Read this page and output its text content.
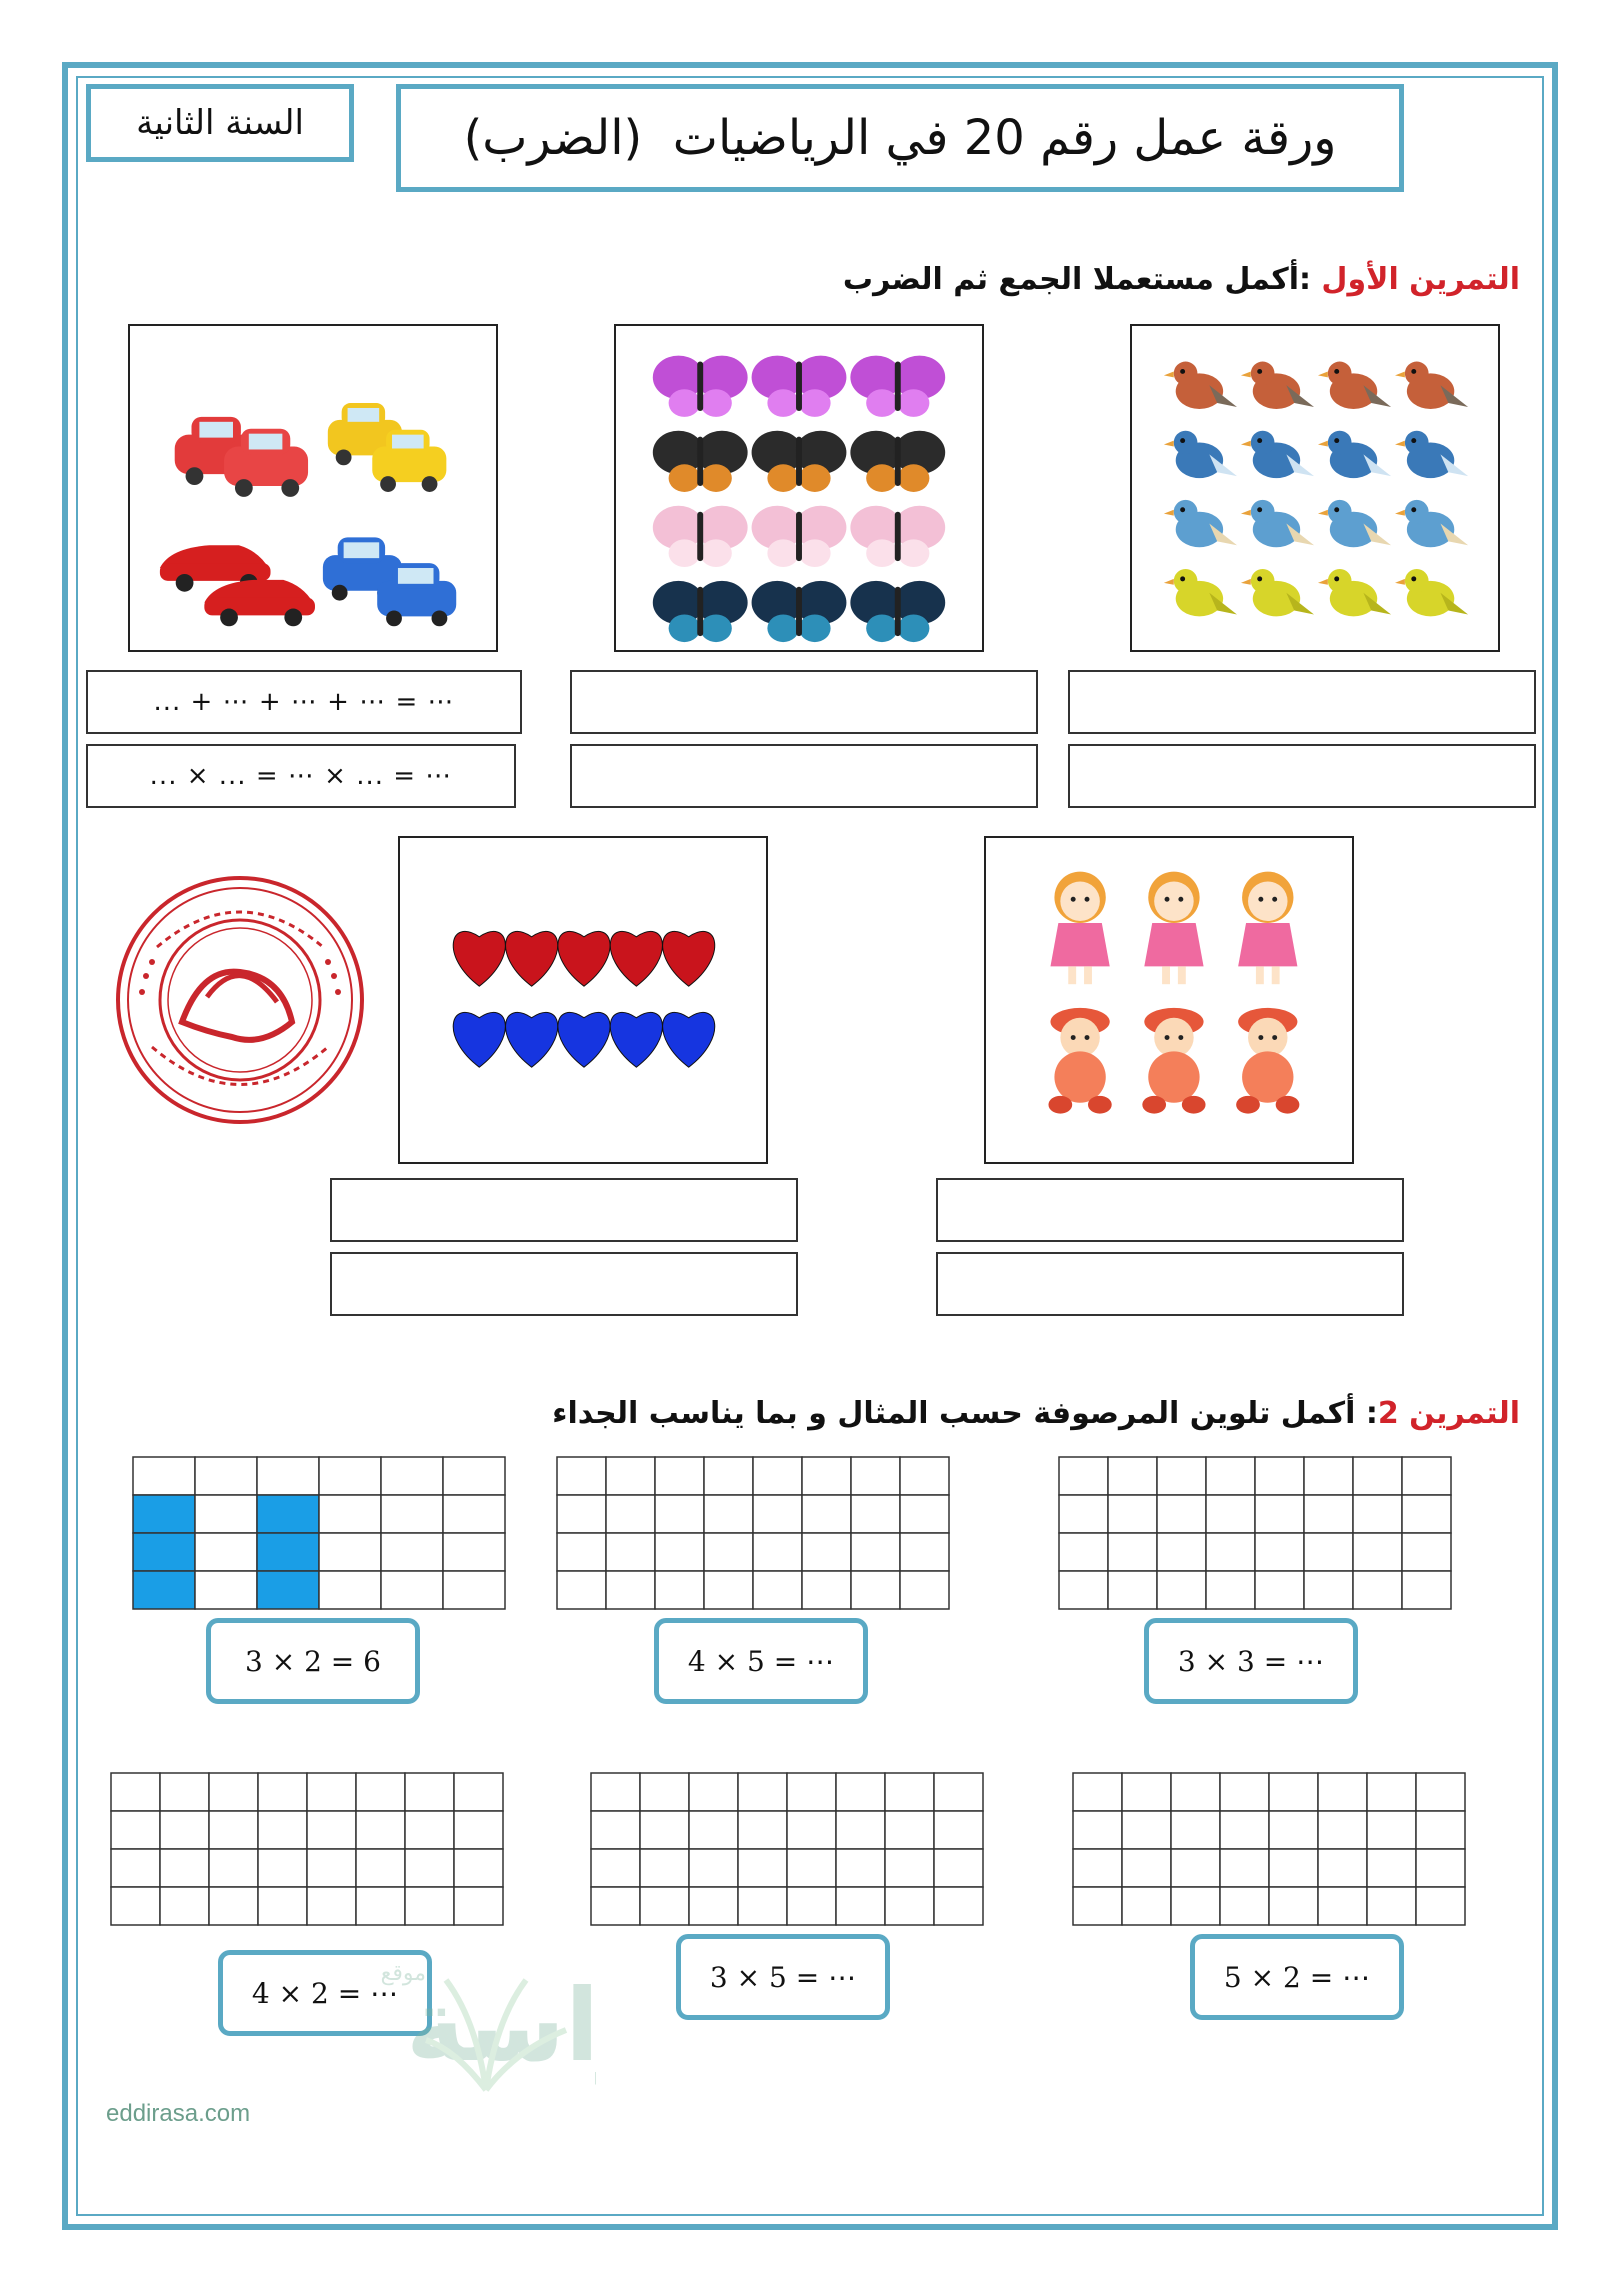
السنة الثانية	ورقة عمل رقم 20 في الرياضيات  (الضرب)
التمرين الأول :أكمل مستعملا الجمع ثم الضرب
... + ⋯ + ⋯ + ⋯ = ⋯
... × ... = ⋯ × ... = ⋯
التمرين 2: أكمل تلوين المرصوفة حسب المثال و بما يناسب الجداء
3 × 2 = 6	4 × 5 = ⋯	3 × 3 = ⋯
4 × 2 = ⋯	3 × 5 = ⋯	5 × 2 = ⋯
اسة
موقع
eddirasa.com
